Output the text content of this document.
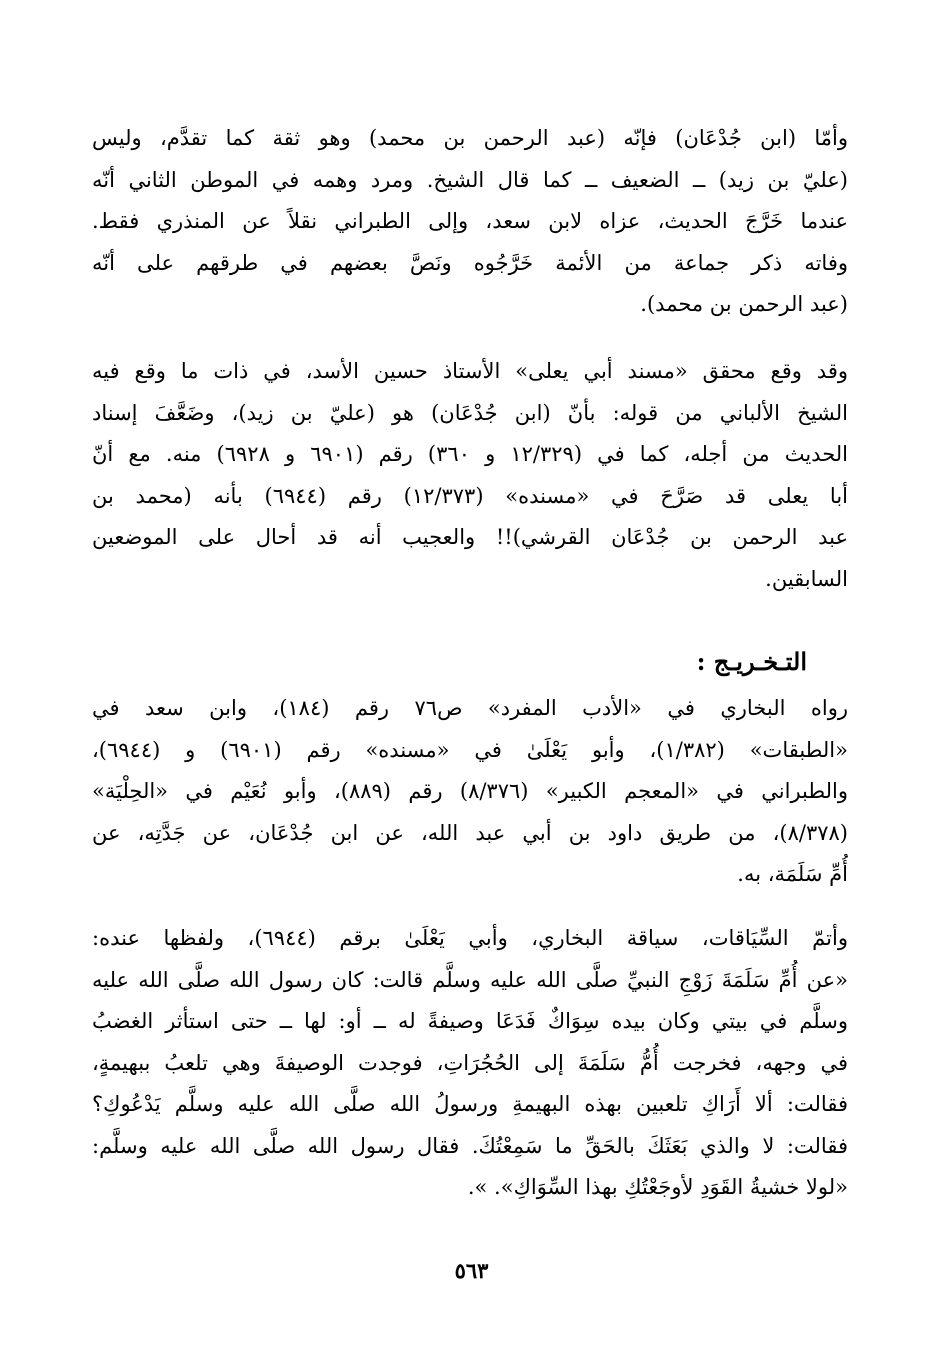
وأمّا (ابن جُدْعَان) فإنّه (عبد الرحمن بن محمد) وهو ثقة كما تقدَّم، وليس
(عليّ بن زيد) ــ الضعيف ــ كما قال الشيخ. ومرد وهمه في الموطن الثاني أنّه
عندما خَرَّجَ الحديث، عزاه لابن سعد، وإلى الطبراني نقلاً عن المنذري فقط.
وفاته ذكر جماعة من الأئمة خَرَّجُوه ونَصَّ بعضهم في طرقهم على أنّه
(عبد الرحمن بن محمد).
وقد وقع محقق «مسند أبي يعلى» الأستاذ حسين الأسد، في ذات ما وقع فيه
الشيخ الألباني من قوله: بأنّ (ابن جُدْعَان) هو (عليّ بن زيد)، وضَعَّفَ إسناد
الحديث من أجله، كما في (١٢/٣٢٩ و ٣٦٠) رقم (٦٩٠١ و ٦٩٢٨) منه. مع أنّ
أبا يعلى قد صَرَّحَ في «مسنده» (١٢/٣٧٣) رقم (٦٩٤٤) بأنه (محمد بن
عبد الرحمن بن جُدْعَان القرشي)!! والعجيب أنه قد أحال على الموضعين
السابقين.
التـخـريـج :
رواه البخاري في «الأدب المفرد» ص٧٦ رقم (١٨٤)، وابن سعد في
«الطبقات» (١/٣٨٢)، وأبو يَعْلَىٰ في «مسنده» رقم (٦٩٠١) و (٦٩٤٤)،
والطبراني في «المعجم الكبير» (٨/٣٧٦) رقم (٨٨٩)، وأبو نُعَيْم في «الحِلْيَة»
(٨/٣٧٨)، من طريق داود بن أبي عبد الله، عن ابن جُدْعَان، عن جَدَّتِه، عن
أُمِّ سَلَمَة، به.
وأتمّ السِّيَاقات، سياقة البخاري، وأبي يَعْلَىٰ برقم (٦٩٤٤)، ولفظها عنده:
«عن أُمِّ سَلَمَةَ زَوْجِ النبيِّ صلَّى الله عليه وسلَّم قالت: كان رسول الله صلَّى الله عليه
وسلَّم في بيتي وكان بيده سِوَاكٌ فَدَعَا وصيفةً له ــ أو: لها ــ حتى استأثر الغضبُ
في وجهه، فخرجت أُمُّ سَلَمَةَ إلى الحُجُرَاتِ، فوجدت الوصيفةَ وهي تلعبُ ببهيمةٍ،
فقالت: ألا أَرَاكِ تلعبين بهذه البهيمةِ ورسولُ الله صلَّى الله عليه وسلَّم يَدْعُوكِ؟
فقالت: لا والذي بَعَثَكَ بالحَقِّ ما سَمِعْتُكَ. فقال رسول الله صلَّى الله عليه وسلَّم:
«لولا خشيةُ القَوَدِ لأوجَعْتُكِ بهذا السِّوَاكِ». ».
٥٦٣
